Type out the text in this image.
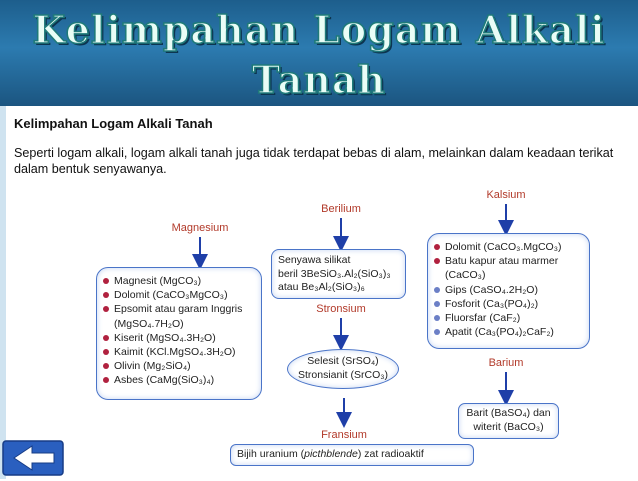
Kelimpahan Logam Alkali
Tanah
Kelimpahan Logam Alkali Tanah
Seperti logam alkali, logam alkali tanah juga tidak terdapat bebas di alam, melainkan dalam keadaan terikat dalam bentuk senyawanya.
Magnesium
Magnesit (MgCO₃)
Dolomit (CaCO₃MgCO₃)
Epsomit atau garam Inggris (MgSO₄.7H₂O)
Kiserit (MgSO₄.3H₂O)
Kaimit (KCl.MgSO₄.3H₂O)
Olivin (Mg₂SiO₄)
Asbes (CaMg(SiO₃)₄)
Berilium
Senyawa silikat
beril 3BeSiO₃.Al₂(SiO₃)₃
atau Be₃Al₂(SiO₃)₆
Stronsium
Selesit (SrSO₄)
Stronsianit (SrCO₃)
Fransium
Bijih uranium (picthblende) zat radioaktif
Kalsium
Dolomit (CaCO₃.MgCO₃)
Batu kapur atau marmer (CaCO₃)
Gips (CaSO₄.2H₂O)
Fosforit (Ca₃(PO₄)₂)
Fluorsfar (CaF₂)
Apatit (Ca₃(PO₄)₂CaF₂)
Barium
Barit (BaSO₄) dan
witerit (BaCO₃)
